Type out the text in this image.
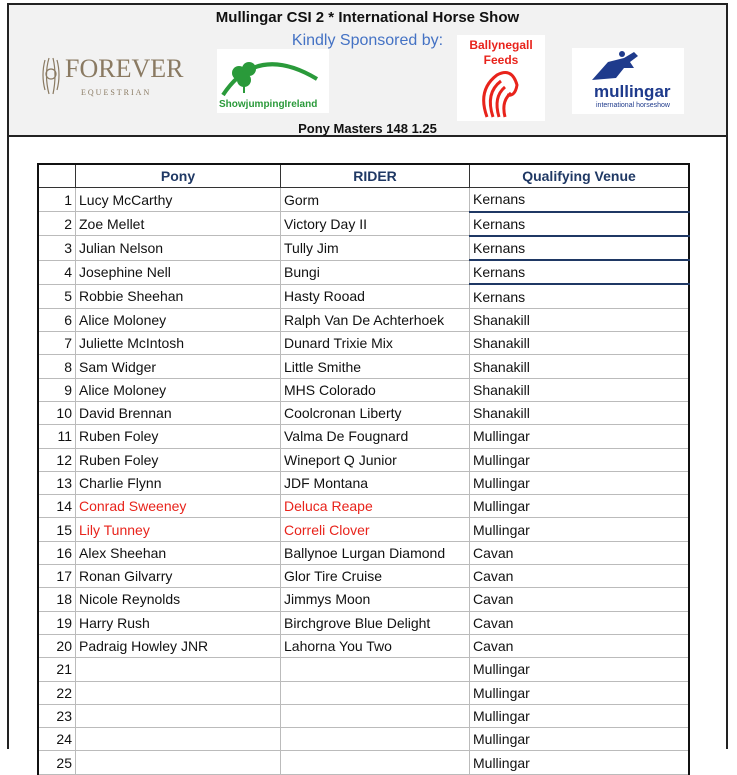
Mullingar CSI 2 * International Horse Show
Kindly Sponsored by:
FOREVER
EQUESTRIAN
ShowjumpingIreland
Ballynegall
Feeds
mullingar
international horseshow
Pony Masters 148 1.25
	Pony	RIDER	Qualifying Venue
1	Lucy McCarthy	Gorm	Kernans
2	Zoe Mellet	Victory Day II	Kernans
3	Julian Nelson	Tully Jim	Kernans
4	Josephine Nell	Bungi	Kernans
5	Robbie Sheehan	Hasty Rooad	Kernans
6	Alice Moloney	Ralph Van De Achterhoek	Shanakill
7	Juliette McIntosh	Dunard Trixie Mix	Shanakill
8	Sam Widger	Little Smithe	Shanakill
9	Alice Moloney	MHS Colorado	Shanakill
10	David Brennan	Coolcronan Liberty	Shanakill
11	Ruben Foley	Valma De Fougnard	Mullingar
12	Ruben Foley	Wineport Q Junior	Mullingar
13	Charlie Flynn	JDF Montana	Mullingar
14	Conrad Sweeney	Deluca Reape	Mullingar
15	Lily Tunney	Correli Clover	Mullingar
16	Alex Sheehan	Ballynoe Lurgan Diamond	Cavan
17	Ronan Gilvarry	Glor Tire Cruise	Cavan
18	Nicole Reynolds	Jimmys Moon	Cavan
19	Harry Rush	Birchgrove Blue Delight	Cavan
20	Padraig Howley JNR	Lahorna You Two	Cavan
21			Mullingar
22			Mullingar
23			Mullingar
24			Mullingar
25			Mullingar
